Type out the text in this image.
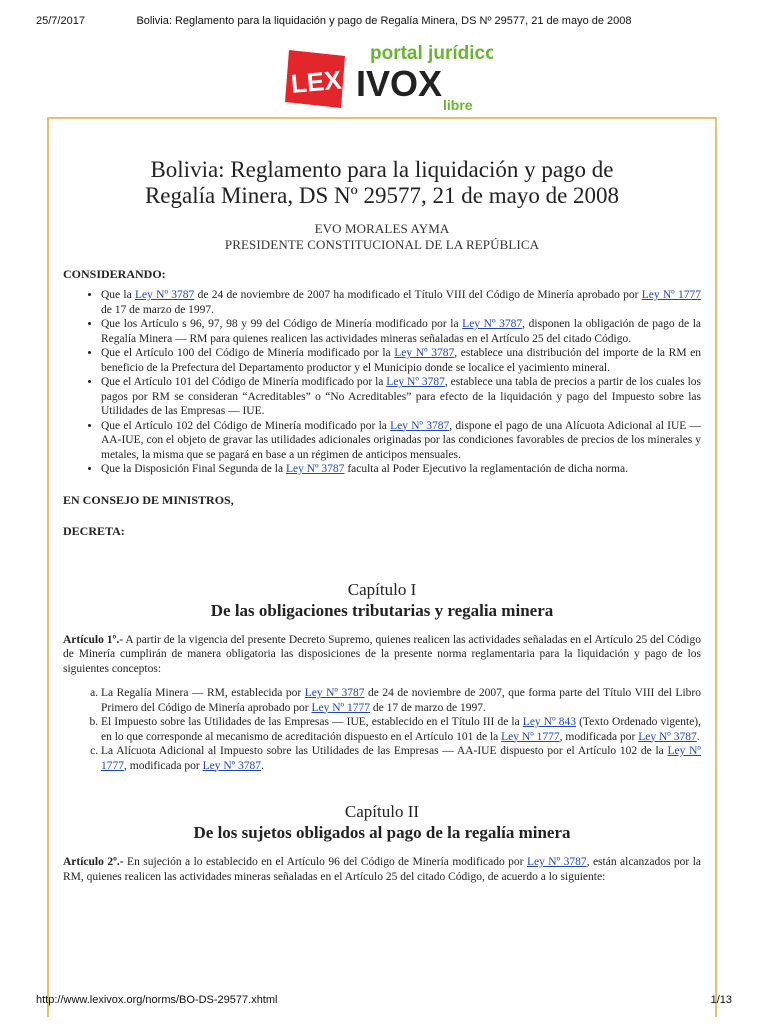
25/7/2017	Bolivia: Reglamento para la liquidación y pago de Regalía Minera, DS Nº 29577, 21 de mayo de 2008
portal jurídico
LEX IVOX
libre
Bolivia: Reglamento para la liquidación y pago de
Regalía Minera, DS Nº 29577, 21 de mayo de 2008
EVO MORALES AYMA
PRESIDENTE CONSTITUCIONAL DE LA REPÚBLICA
CONSIDERANDO:
• Que la Ley Nº 3787 de 24 de noviembre de 2007 ha modificado el Título VIII del Código de Minería aprobado por Ley Nº 1777 de 17 de marzo de 1997.
• Que los Artículo s 96, 97, 98 y 99 del Código de Minería modificado por la Ley Nº 3787, disponen la obligación de pago de la Regalía Minera — RM para quienes realicen las actividades mineras señaladas en el Artículo 25 del citado Código.
• Que el Artículo 100 del Código de Minería modificado por la Ley Nº 3787, establece una distribución del importe de la RM en beneficio de la Prefectura del Departamento productor y el Municipio donde se localice el yacimiento mineral.
• Que el Artículo 101 del Código de Minería modificado por la Ley Nº 3787, establece una tabla de precios a partir de los cuales los pagos por RM se consideran “Acreditables” o “No Acreditables” para efecto de la liquidación y pago del Impuesto sobre las Utilidades de las Empresas — IUE.
• Que el Artículo 102 del Código de Minería modificado por la Ley Nº 3787, dispone el pago de una Alícuota Adicional al IUE — AA-IUE, con el objeto de gravar las utilidades adicionales originadas por las condiciones favorables de precios de los minerales y metales, la misma que se pagará en base a un régimen de anticipos mensuales.
• Que la Disposición Final Segunda de la Ley Nº 3787 faculta al Poder Ejecutivo la reglamentación de dicha norma.
EN CONSEJO DE MINISTROS,
DECRETA:
Capítulo I
De las obligaciones tributarias y regalia minera
Artículo 1º.- A partir de la vigencia del presente Decreto Supremo, quienes realicen las actividades señaladas en el Artículo 25 del Código de Minería cumplirán de manera obligatoria las disposiciones de la presente norma reglamentaria para la liquidación y pago de los siguientes conceptos:
a. La Regalía Minera — RM, establecida por Ley Nº 3787 de 24 de noviembre de 2007, que forma parte del Título VIII del Libro Primero del Código de Minería aprobado por Ley Nº 1777 de 17 de marzo de 1997.
b. El Impuesto sobre las Utilidades de las Empresas — IUE, establecido en el Título III de la Ley Nº 843 (Texto Ordenado vigente), en lo que corresponde al mecanismo de acreditación dispuesto en el Artículo 101 de la Ley Nº 1777, modificada por Ley Nº 3787.
c. La Alícuota Adicional al Impuesto sobre las Utilidades de las Empresas — AA-IUE dispuesto por el Artículo 102 de la Ley Nº 1777, modificada por Ley Nº 3787.
Capítulo II
De los sujetos obligados al pago de la regalía minera
Artículo 2º.- En sujeción a lo establecido en el Artículo 96 del Código de Minería modificado por Ley Nº 3787, están alcanzados por la RM, quienes realicen las actividades mineras señaladas en el Artículo 25 del citado Código, de acuerdo a lo siguiente:
http://www.lexivox.org/norms/BO-DS-29577.xhtml	1/13
